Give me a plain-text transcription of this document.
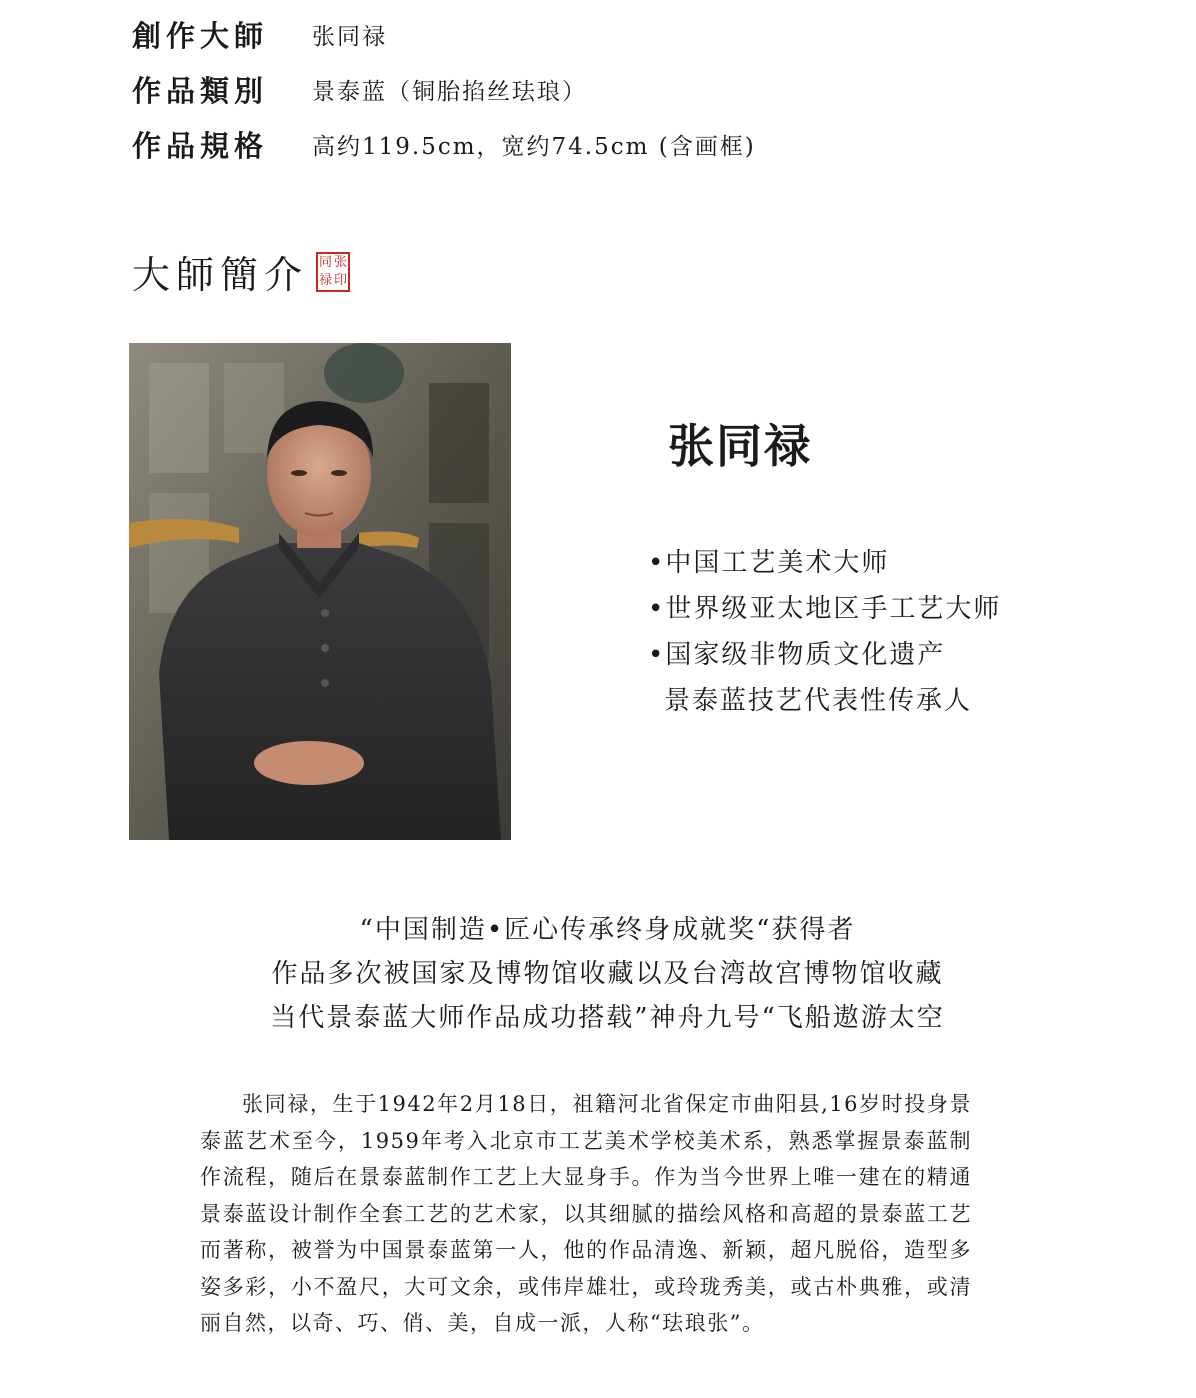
創作大師	张同禄
作品類別	景泰蓝（铜胎掐丝珐琅）
作品規格	高约119.5cm，宽约74.5cm (含画框)
大師簡介 同 张
禄 印
张同禄
•中国工艺美术大师
•世界级亚太地区手工艺大师
•国家级非物质文化遗产
景泰蓝技艺代表性传承人
“中国制造•匠心传承终身成就奖“获得者
作品多次被国家及博物馆收藏以及台湾故宫博物馆收藏
当代景泰蓝大师作品成功搭载”神舟九号“飞船遨游太空

张同禄，生于1942年2月18日，祖籍河北省保定市曲阳县,16岁时投身景泰蓝艺术至今，1959年考入北京市工艺美术学校美术系，熟悉掌握景泰蓝制作流程，随后在景泰蓝制作工艺上大显身手。作为当今世界上唯一建在的精通景泰蓝设计制作全套工艺的艺术家，以其细腻的描绘风格和高超的景泰蓝工艺而著称，被誉为中国景泰蓝第一人，他的作品清逸、新颖，超凡脱俗，造型多姿多彩，小不盈尺，大可文余，或伟岸雄壮，或玲珑秀美，或古朴典雅，或清丽自然，以奇、巧、俏、美，自成一派，人称“珐琅张”。
